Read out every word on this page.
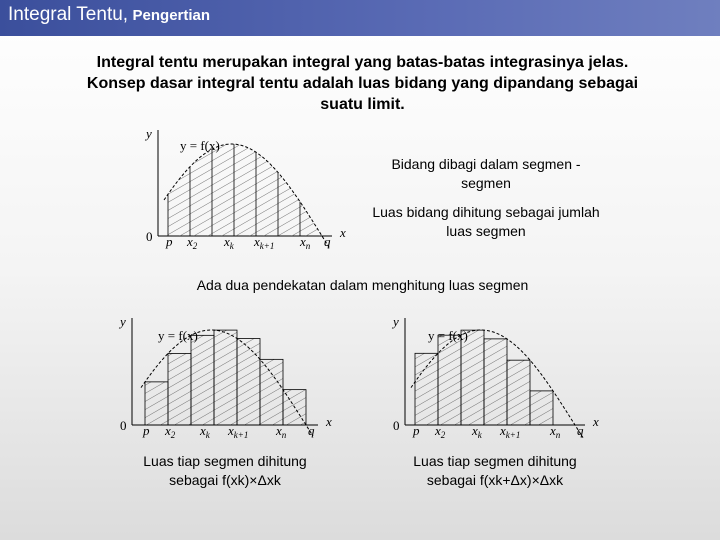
Integral Tentu, Pengertian
Integral tentu merupakan integral yang batas-batas integrasinya jelas. Konsep dasar integral tentu adalah luas bidang yang dipandang sebagai suatu limit.
Bidang dibagi dalam segmen -segmen
Luas bidang dihitung sebagai jumlah luas segmen
Ada dua pendekatan dalam menghitung luas segmen
Luas tiap segmen dihitung
sebagai f(xk)×Δxk
Luas tiap segmen dihitung
sebagai f(xk+Δx)×Δxk
0
y
x
y = f(x)
p $x_2$ $x_k$ $x_{k+1}$ $x_n$ q
0
y
x
y = f(x)
p $x_2$ $x_k$ $x_{k+1}$ $x_n$ q	0
y
x
y = f(x)
p $x_2$ $x_k$ $x_{k+1}$ $x_n$ q
